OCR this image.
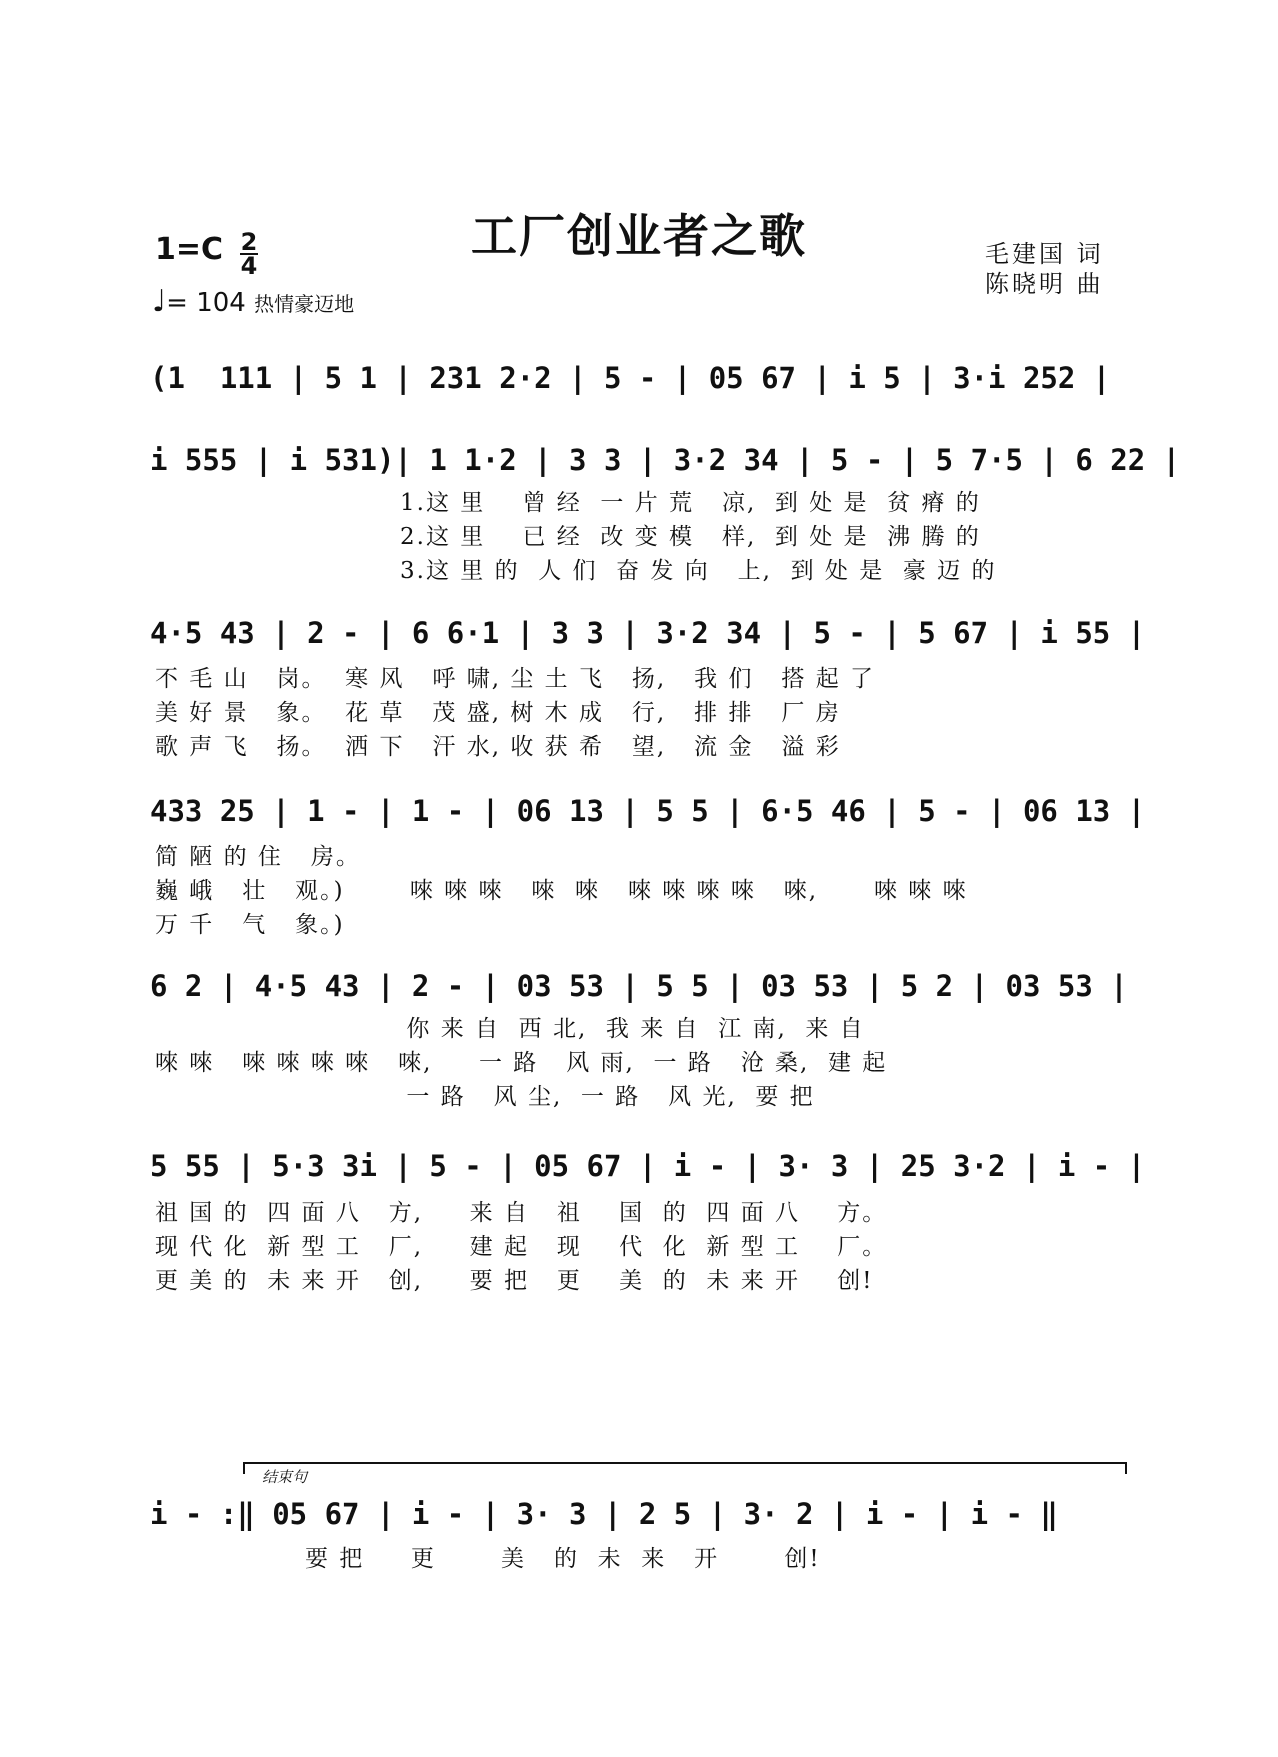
工厂创业者之歌
1=C 2
4
♩= 104 热情豪迈地
毛建国 词
陈晓明 曲
(1  111 | 5 1 | 231 2·2 | 5 - | 05 67 | i 5 | 3·i 252 |
i 555 | i 531)| 1 1·2 | 3 3 | 3·2 34 | 5 - | 5 7·5 | 6 22 |
1.这 里    曾 经  一 片 荒   凉,  到 处 是  贫 瘠 的
2.这 里    已 经  改 变 模   样,  到 处 是  沸 腾 的
3.这 里 的  人 们  奋 发 向   上,  到 处 是  豪 迈 的
4·5 43 | 2 - | 6 6·1 | 3 3 | 3·2 34 | 5 - | 5 67 | i 55 |
不 毛 山   岗。  寒 风   呼 啸, 尘 土 飞   扬,   我 们   搭 起 了
美 好 景   象。  花 草   茂 盛, 树 木 成   行,   排 排   厂 房
歌 声 飞   扬。  洒 下   汗 水, 收 获 希   望,   流 金   溢 彩
433 25 | 1 - | 1 - | 06 13 | 5 5 | 6·5 46 | 5 - | 06 13 |
简 陋 的 住   房。
巍 峨   壮   观。)       唻 唻 唻   唻  唻   唻 唻 唻 唻   唻,      唻 唻 唻
万 千   气   象。)
6 2 | 4·5 43 | 2 - | 03 53 | 5 5 | 03 53 | 5 2 | 03 53 |
你 来 自  西 北,  我 来 自  江 南,  来 自
唻 唻   唻 唻 唻 唻   唻,     一 路   风 雨,  一 路   沧 桑,  建 起
一 路   风 尘,  一 路   风 光,  要 把
5 55 | 5·3 3i | 5 - | 05 67 | i - | 3· 3 | 25 3·2 | i - |
祖 国 的  四 面 八   方,     来 自   祖    国  的  四 面 八    方。
现 代 化  新 型 工   厂,     建 起   现    代  化  新 型 工    厂。
更 美 的  未 来 开   创,     要 把   更    美  的  未 来 开    创!
结束句
i - :‖ 05 67 | i - | 3· 3 | 2 5 | 3· 2 | i - | i - ‖
要 把     更       美   的  未  来   开       创!
